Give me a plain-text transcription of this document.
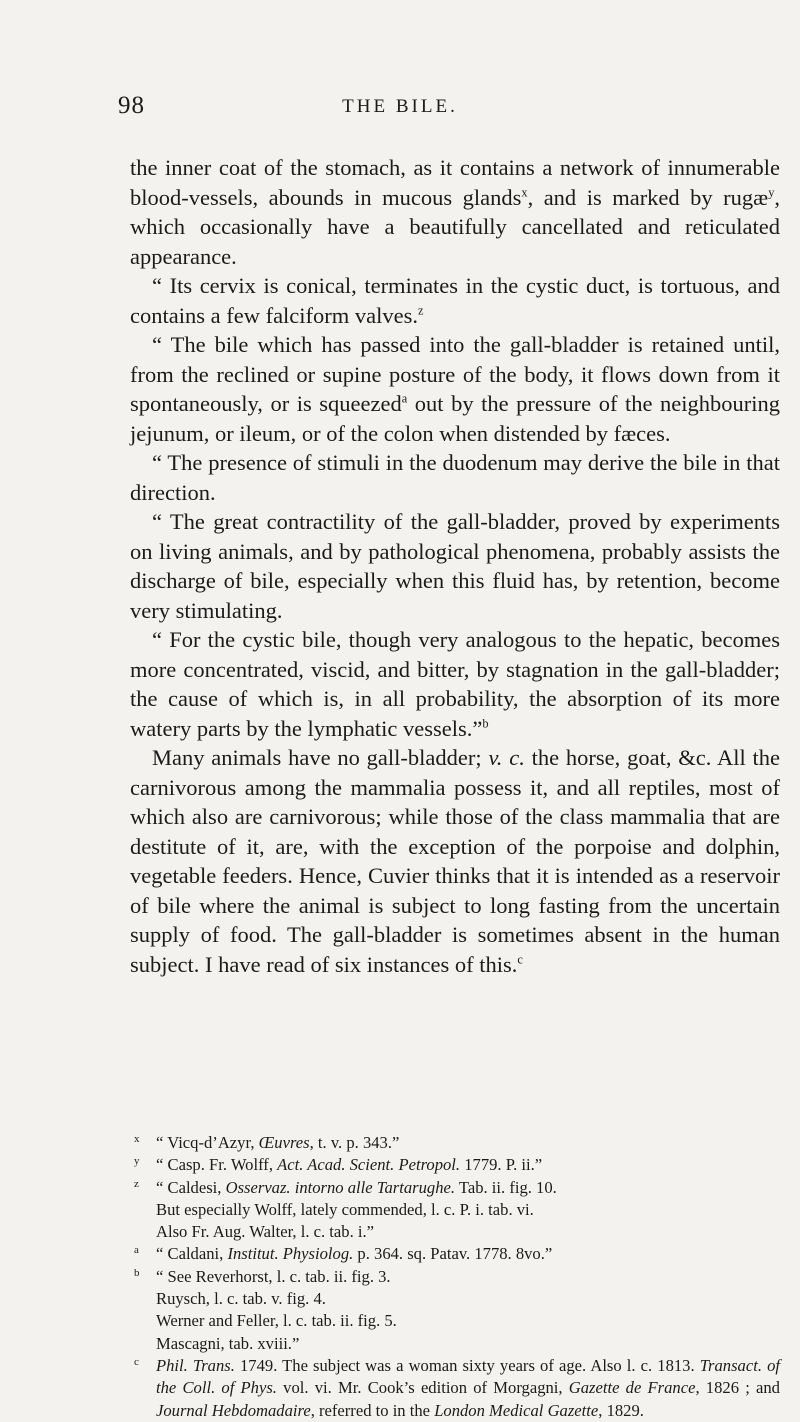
98	THE BILE.

the inner coat of the stomach, as it contains a network of innumerable blood-vessels, abounds in mucous glands$^x$, and is marked by rugæ$^y$, which occasionally have a beautifully cancellated and reticulated appearance.

“ Its cervix is conical, terminates in the cystic duct, is tortuous, and contains a few falciform valves.$^z$

“ The bile which has passed into the gall-bladder is retained until, from the reclined or supine posture of the body, it flows down from it spontaneously, or is squeezed$^a$ out by the pressure of the neighbouring jejunum, or ileum, or of the colon when distended by fæces.

“ The presence of stimuli in the duodenum may derive the bile in that direction.

“ The great contractility of the gall-bladder, proved by experiments on living animals, and by pathological phenomena, probably assists the discharge of bile, especially when this fluid has, by retention, become very stimulating.

“ For the cystic bile, though very analogous to the hepatic, becomes more concentrated, viscid, and bitter, by stagnation in the gall-bladder; the cause of which is, in all probability, the absorption of its more watery parts by the lymphatic vessels.”$^b$

Many animals have no gall-bladder; v. c. the horse, goat, &c. All the carnivorous among the mammalia possess it, and all reptiles, most of which also are carnivorous; while those of the class mammalia that are destitute of it, are, with the exception of the porpoise and dolphin, vegetable feeders. Hence, Cuvier thinks that it is intended as a reservoir of bile where the animal is subject to long fasting from the uncertain supply of food. The gall-bladder is sometimes absent in the human subject. I have read of six instances of this.$^c$

x “ Vicq-d’Azyr, Œuvres, t. v. p. 343.”
y “ Casp. Fr. Wolff, Act. Acad. Scient. Petropol. 1779. P. ii.”
z “ Caldesi, Osservaz. intorno alle Tartarughe. Tab. ii. fig. 10.
But especially Wolff, lately commended, l. c. P. i. tab. vi.
Also Fr. Aug. Walter, l. c. tab. i.”
a “ Caldani, Institut. Physiolog. p. 364. sq. Patav. 1778. 8vo.”
b “ See Reverhorst, l. c. tab. ii. fig. 3.
Ruysch, l. c. tab. v. fig. 4.
Werner and Feller, l. c. tab. ii. fig. 5.
Mascagni, tab. xviii.”
c Phil. Trans. 1749. The subject was a woman sixty years of age. Also l. c. 1813. Transact. of the Coll. of Phys. vol. vi. Mr. Cook’s edition of Morgagni, Gazette de France, 1826 ; and Journal Hebdomadaire, referred to in the London Medical Gazette, 1829.
